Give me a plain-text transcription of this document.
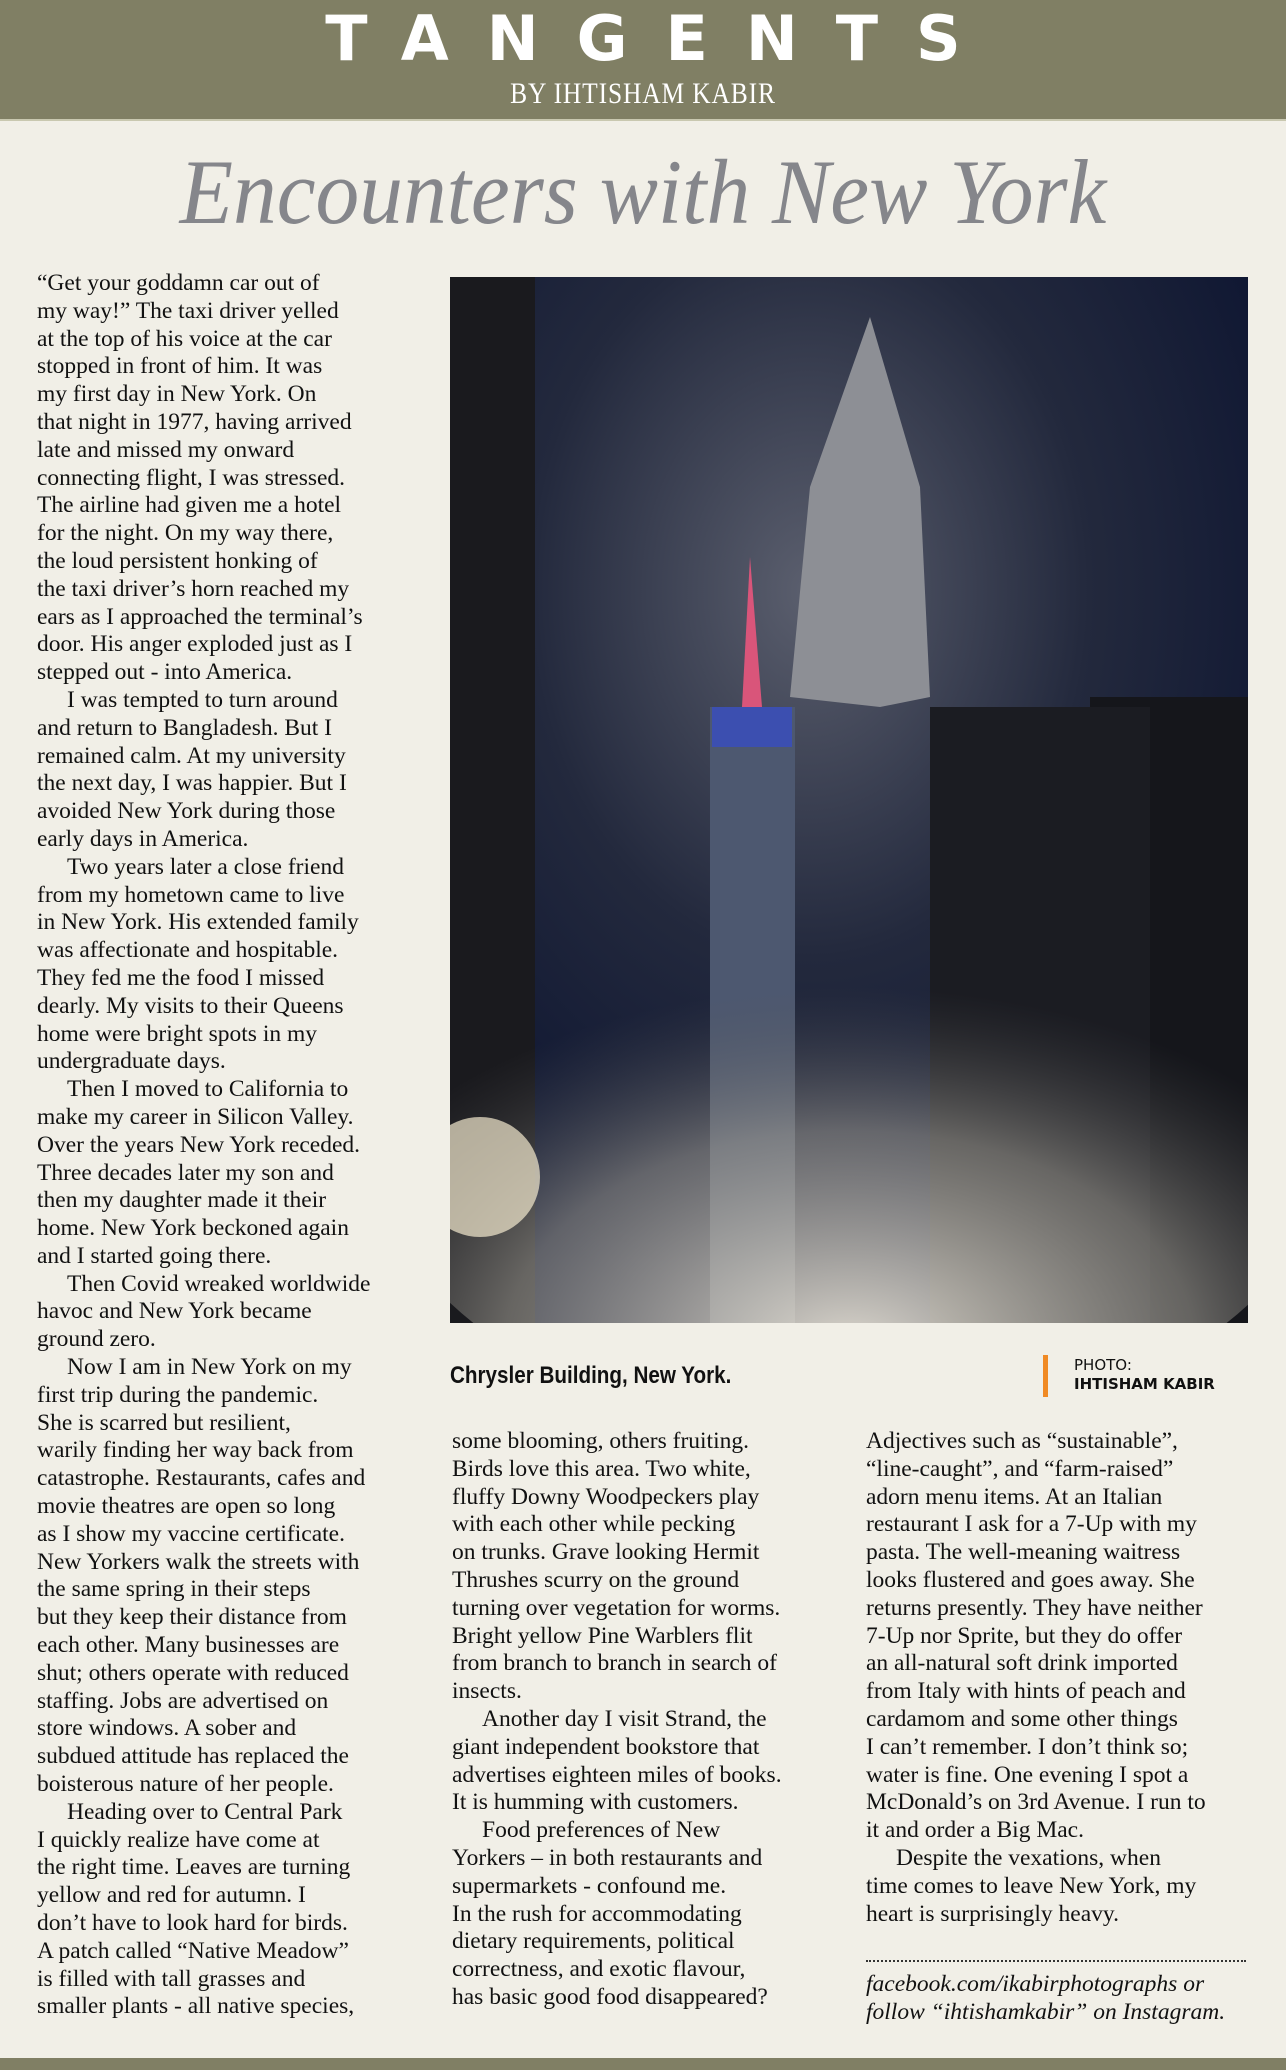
TANGENTS
BY IHTISHAM KABIR
Encounters with New York
“Get your goddamn car out of
my way!” The taxi driver yelled
at the top of his voice at the car
stopped in front of him. It was
my first day in New York. On
that night in 1977, having arrived
late and missed my onward
connecting flight, I was stressed.
The airline had given me a hotel
for the night. On my way there,
the loud persistent honking of
the taxi driver’s horn reached my
ears as I approached the terminal’s
door. His anger exploded just as I
stepped out - into America.
I was tempted to turn around
and return to Bangladesh. But I
remained calm. At my university
the next day, I was happier. But I
avoided New York during those
early days in America.
Two years later a close friend
from my hometown came to live
in New York. His extended family
was affectionate and hospitable.
They fed me the food I missed
dearly. My visits to their Queens
home were bright spots in my
undergraduate days.
Then I moved to California to
make my career in Silicon Valley.
Over the years New York receded.
Three decades later my son and
then my daughter made it their
home. New York beckoned again
and I started going there.
Then Covid wreaked worldwide
havoc and New York became
ground zero.
Now I am in New York on my
first trip during the pandemic.
She is scarred but resilient,
warily finding her way back from
catastrophe. Restaurants, cafes and
movie theatres are open so long
as I show my vaccine certificate.
New Yorkers walk the streets with
the same spring in their steps
but they keep their distance from
each other. Many businesses are
shut; others operate with reduced
staffing. Jobs are advertised on
store windows. A sober and
subdued attitude has replaced the
boisterous nature of her people.
Heading over to Central Park
I quickly realize have come at
the right time. Leaves are turning
yellow and red for autumn. I
don’t have to look hard for birds.
A patch called “Native Meadow”
is filled with tall grasses and
smaller plants - all native species,
some blooming, others fruiting.
Birds love this area. Two white,
fluffy Downy Woodpeckers play
with each other while pecking
on trunks. Grave looking Hermit
Thrushes scurry on the ground
turning over vegetation for worms.
Bright yellow Pine Warblers flit
from branch to branch in search of
insects.
Another day I visit Strand, the
giant independent bookstore that
advertises eighteen miles of books.
It is humming with customers.
Food preferences of New
Yorkers – in both restaurants and
supermarkets - confound me.
In the rush for accommodating
dietary requirements, political
correctness, and exotic flavour,
has basic good food disappeared?
Adjectives such as “sustainable”,
“line-caught”, and “farm-raised”
adorn menu items. At an Italian
restaurant I ask for a 7-Up with my
pasta. The well-meaning waitress
looks flustered and goes away. She
returns presently. They have neither
7-Up nor Sprite, but they do offer
an all-natural soft drink imported
from Italy with hints of peach and
cardamom and some other things
I can’t remember. I don’t think so;
water is fine. One evening I spot a
McDonald’s on 3rd Avenue. I run to
it and order a Big Mac.
Despite the vexations, when
time comes to leave New York, my
heart is surprisingly heavy.
Chrysler Building, New York.	PHOTO:
IHTISHAM KABIR
facebook.com/ikabirphotographs or
follow “ihtishamkabir” on Instagram.
